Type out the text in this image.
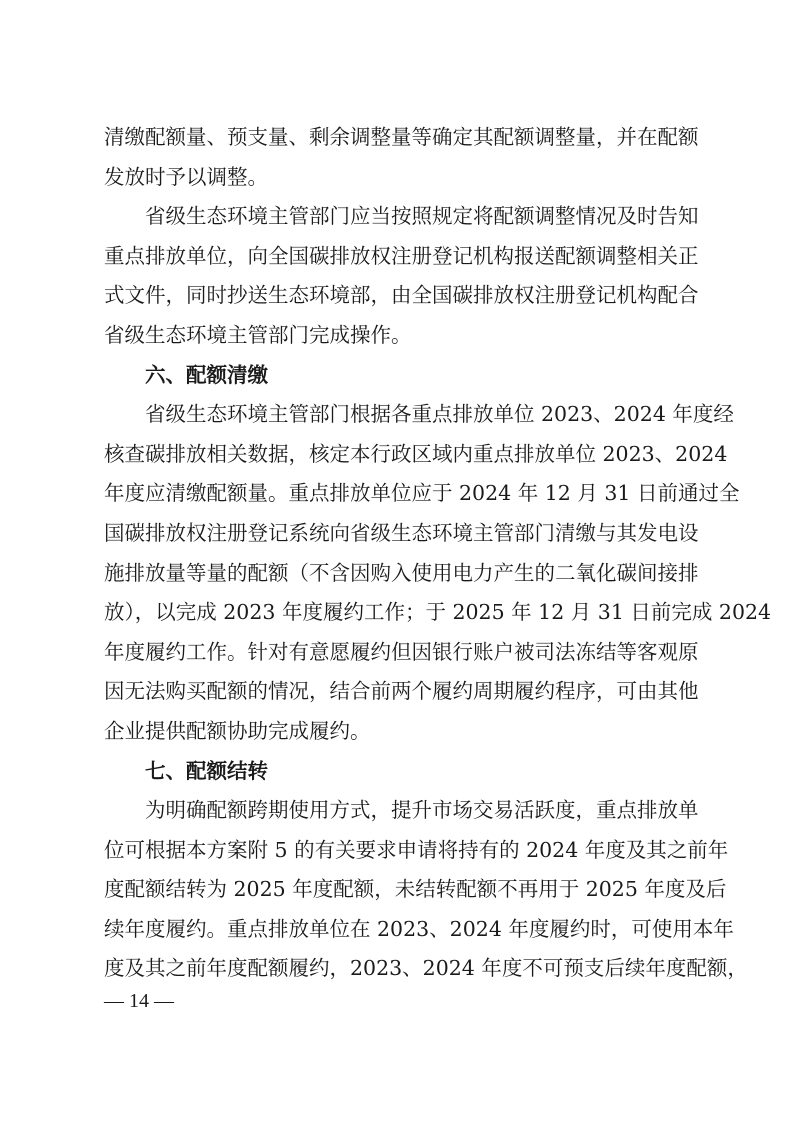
清缴配额量、预支量、剩余调整量等确定其配额调整量，并在配额
发放时予以调整。
省级生态环境主管部门应当按照规定将配额调整情况及时告知
重点排放单位，向全国碳排放权注册登记机构报送配额调整相关正
式文件，同时抄送生态环境部，由全国碳排放权注册登记机构配合
省级生态环境主管部门完成操作。
六、配额清缴
省级生态环境主管部门根据各重点排放单位 2023、2024 年度经
核查碳排放相关数据，核定本行政区域内重点排放单位 2023、2024
年度应清缴配额量。重点排放单位应于 2024 年 12 月 31 日前通过全
国碳排放权注册登记系统向省级生态环境主管部门清缴与其发电设
施排放量等量的配额（不含因购入使用电力产生的二氧化碳间接排
放），以完成 2023 年度履约工作；于 2025 年 12 月 31 日前完成 2024
年度履约工作。针对有意愿履约但因银行账户被司法冻结等客观原
因无法购买配额的情况，结合前两个履约周期履约程序，可由其他
企业提供配额协助完成履约。
七、配额结转
为明确配额跨期使用方式，提升市场交易活跃度，重点排放单
位可根据本方案附 5 的有关要求申请将持有的 2024 年度及其之前年
度配额结转为 2025 年度配额，未结转配额不再用于 2025 年度及后
续年度履约。重点排放单位在 2023、2024 年度履约时，可使用本年
度及其之前年度配额履约，2023、2024 年度不可预支后续年度配额，
— 14 —
